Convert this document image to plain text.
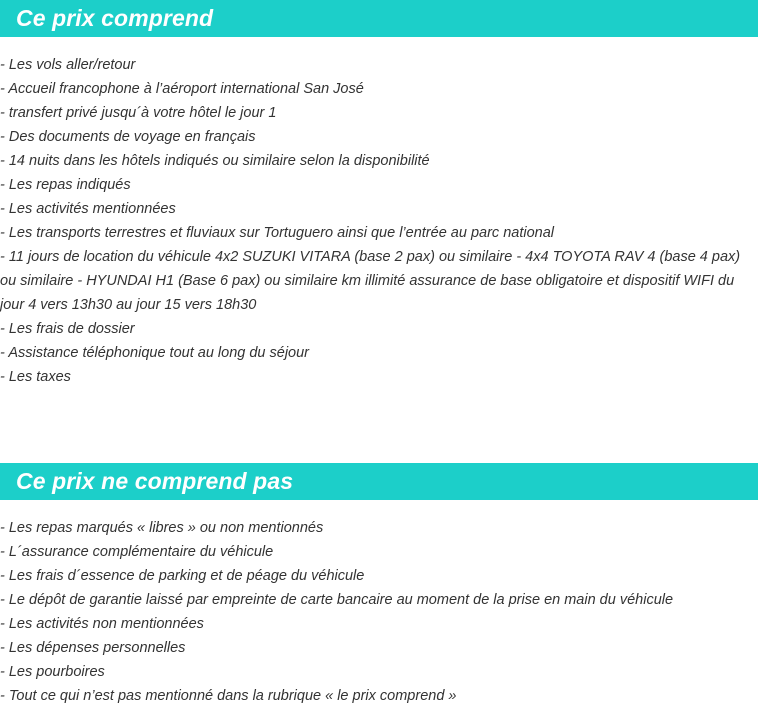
Ce prix comprend
- Les vols aller/retour
- Accueil francophone à l’aéroport international San José
- transfert privé jusqu´à votre hôtel le jour 1
- Des documents de voyage en français
- 14 nuits dans les hôtels indiqués ou similaire selon la disponibilité
- Les repas indiqués
- Les activités mentionnées
- Les transports terrestres et fluviaux sur Tortuguero ainsi que l’entrée au parc national
- 11 jours de location du véhicule 4x2 SUZUKI VITARA (base 2 pax) ou similaire - 4x4 TOYOTA RAV 4 (base 4 pax) ou similaire - HYUNDAI H1 (Base 6 pax) ou similaire km illimité assurance de base obligatoire et dispositif WIFI du jour 4 vers 13h30 au jour 15 vers 18h30
- Les frais de dossier
- Assistance téléphonique tout au long du séjour
- Les taxes
Ce prix ne comprend pas
- Les repas marqués « libres » ou non mentionnés
- L´assurance complémentaire du véhicule
- Les frais d´essence de parking et de péage du véhicule
- Le dépôt de garantie laissé par empreinte de carte bancaire au moment de la prise en main du véhicule
- Les activités non mentionnées
- Les dépenses personnelles
- Les pourboires
- Tout ce qui n’est pas mentionné dans la rubrique « le prix comprend »
